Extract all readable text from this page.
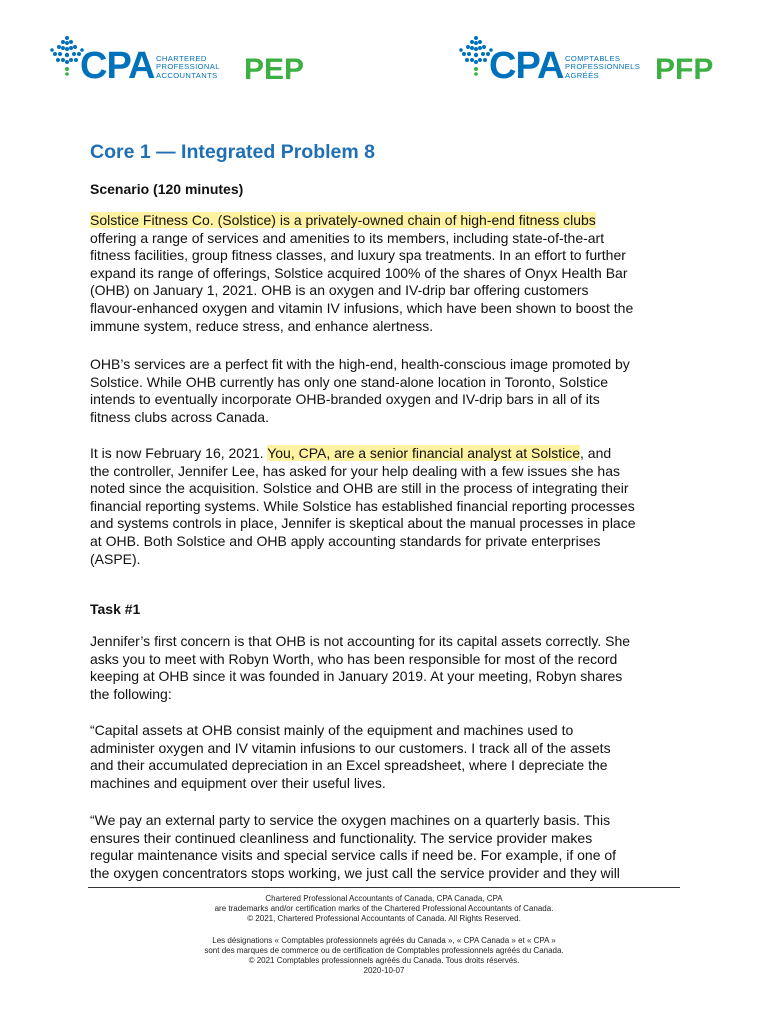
CPA CHARTERED
PROFESSIONAL
ACCOUNTANTS PEP	CPA COMPTABLES
PROFESSIONNELS
AGRÉÉS	PFP
Core 1 — Integrated Problem 8

Scenario (120 minutes)

Solstice Fitness Co. (Solstice) is a privately-owned chain of high-end fitness clubs
offering a range of services and amenities to its members, including state-of-the-art
fitness facilities, group fitness classes, and luxury spa treatments. In an effort to further
expand its range of offerings, Solstice acquired 100% of the shares of Onyx Health Bar
(OHB) on January 1, 2021. OHB is an oxygen and IV-drip bar offering customers
flavour-enhanced oxygen and vitamin IV infusions, which have been shown to boost the
immune system, reduce stress, and enhance alertness.
OHB’s services are a perfect fit with the high-end, health-conscious image promoted by
Solstice. While OHB currently has only one stand-alone location in Toronto, Solstice
intends to eventually incorporate OHB-branded oxygen and IV-drip bars in all of its
fitness clubs across Canada.
It is now February 16, 2021. You, CPA, are a senior financial analyst at Solstice, and
the controller, Jennifer Lee, has asked for your help dealing with a few issues she has
noted since the acquisition. Solstice and OHB are still in the process of integrating their
financial reporting systems. While Solstice has established financial reporting processes
and systems controls in place, Jennifer is skeptical about the manual processes in place
at OHB. Both Solstice and OHB apply accounting standards for private enterprises
(ASPE).

Task #1

Jennifer’s first concern is that OHB is not accounting for its capital assets correctly. She
asks you to meet with Robyn Worth, who has been responsible for most of the record
keeping at OHB since it was founded in January 2019. At your meeting, Robyn shares
the following:
“Capital assets at OHB consist mainly of the equipment and machines used to
administer oxygen and IV vitamin infusions to our customers. I track all of the assets
and their accumulated depreciation in an Excel spreadsheet, where I depreciate the
machines and equipment over their useful lives.
“We pay an external party to service the oxygen machines on a quarterly basis. This
ensures their continued cleanliness and functionality. The service provider makes
regular maintenance visits and special service calls if need be. For example, if one of
the oxygen concentrators stops working, we just call the service provider and they will
Chartered Professional Accountants of Canada, CPA Canada, CPA
are trademarks and/or certification marks of the Chartered Professional Accountants of Canada.
© 2021, Chartered Professional Accountants of Canada. All Rights Reserved.
Les désignations « Comptables professionnels agréés du Canada », « CPA Canada » et « CPA »
sont des marques de commerce ou de certification de Comptables professionnels agréés du Canada.
© 2021 Comptables professionnels agréés du Canada. Tous droits réservés.
2020-10-07
